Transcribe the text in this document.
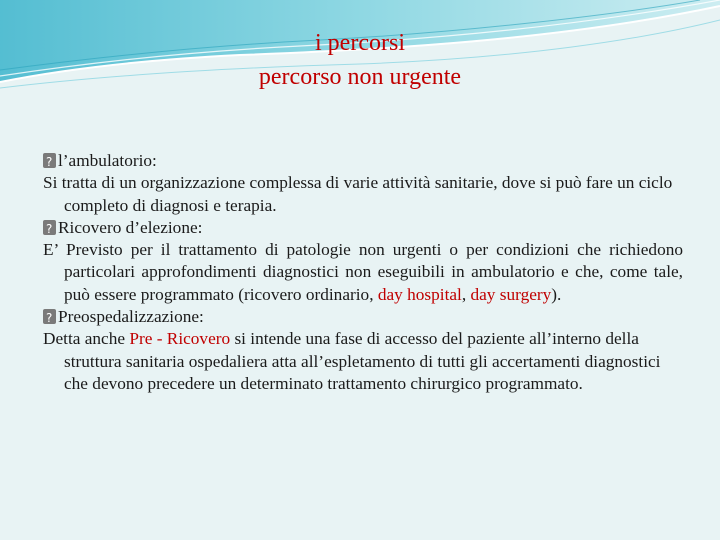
i percorsi
percorso non urgente
?l’ambulatorio:
Si tratta di un organizzazione complessa di varie attività sanitarie, dove si può fare un ciclo completo di diagnosi e terapia.
?Ricovero d’elezione:
E’ Previsto per il trattamento di patologie non urgenti o per condizioni che richiedono particolari approfondimenti diagnostici non eseguibili in ambulatorio e che, come tale, può essere programmato (ricovero ordinario, day hospital, day surgery).
?Preospedalizzazione:
Detta anche Pre - Ricovero si intende una fase di accesso del paziente all’interno della struttura sanitaria ospedaliera atta all’espletamento di tutti gli accertamenti diagnostici che devono precedere un determinato trattamento chirurgico programmato.
